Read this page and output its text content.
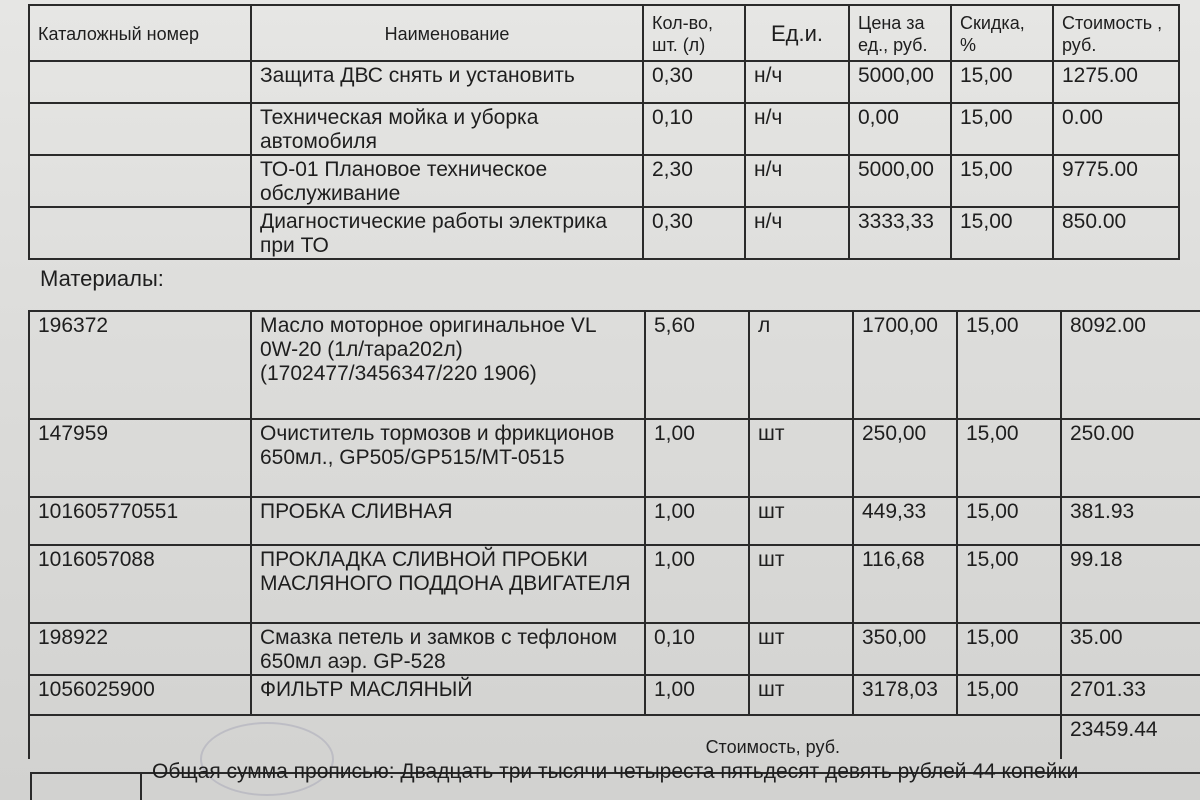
Каталожный номер	Наименование	Кол-во, шт. (л)	Ед.и.	Цена за ед., руб.	Скидка, %	Стоимость , руб.
	Защита ДВС снять и установить	0,30	н/ч	5000,00	15,00	1275.00
	Техническая мойка и уборка автомобиля	0,10	н/ч	0,00	15,00	0.00
	ТО-01 Плановое техническое обслуживание	2,30	н/ч	5000,00	15,00	9775.00
	Диагностические работы электрика при ТО	0,30	н/ч	3333,33	15,00	850.00
Материалы:
196372	Масло моторное оригинальное VL 0W-20 (1л/тара202л)(1702477/3456347/220 1906)	5,60	л	1700,00	15,00	8092.00
147959	Очиститель тормозов и фрикционов 650мл., GP505/GP515/MT-0515	1,00	шт	250,00	15,00	250.00
101605770551	ПРОБКА СЛИВНАЯ	1,00	шт	449,33	15,00	381.93
1016057088	ПРОКЛАДКА СЛИВНОЙ ПРОБКИ МАСЛЯНОГО ПОДДОНА ДВИГАТЕЛЯ	1,00	шт	116,68	15,00	99.18
198922	Смазка петель и замков с тефлоном 650мл аэр. GP-528	0,10	шт	350,00	15,00	35.00
1056025900	ФИЛЬТР МАСЛЯНЫЙ	1,00	шт	3178,03	15,00	2701.33
Стоимость, руб.						23459.44
Общая сумма прописью: Двадцать три тысячи четыреста пятьдесят девять рублей 44 копейки
